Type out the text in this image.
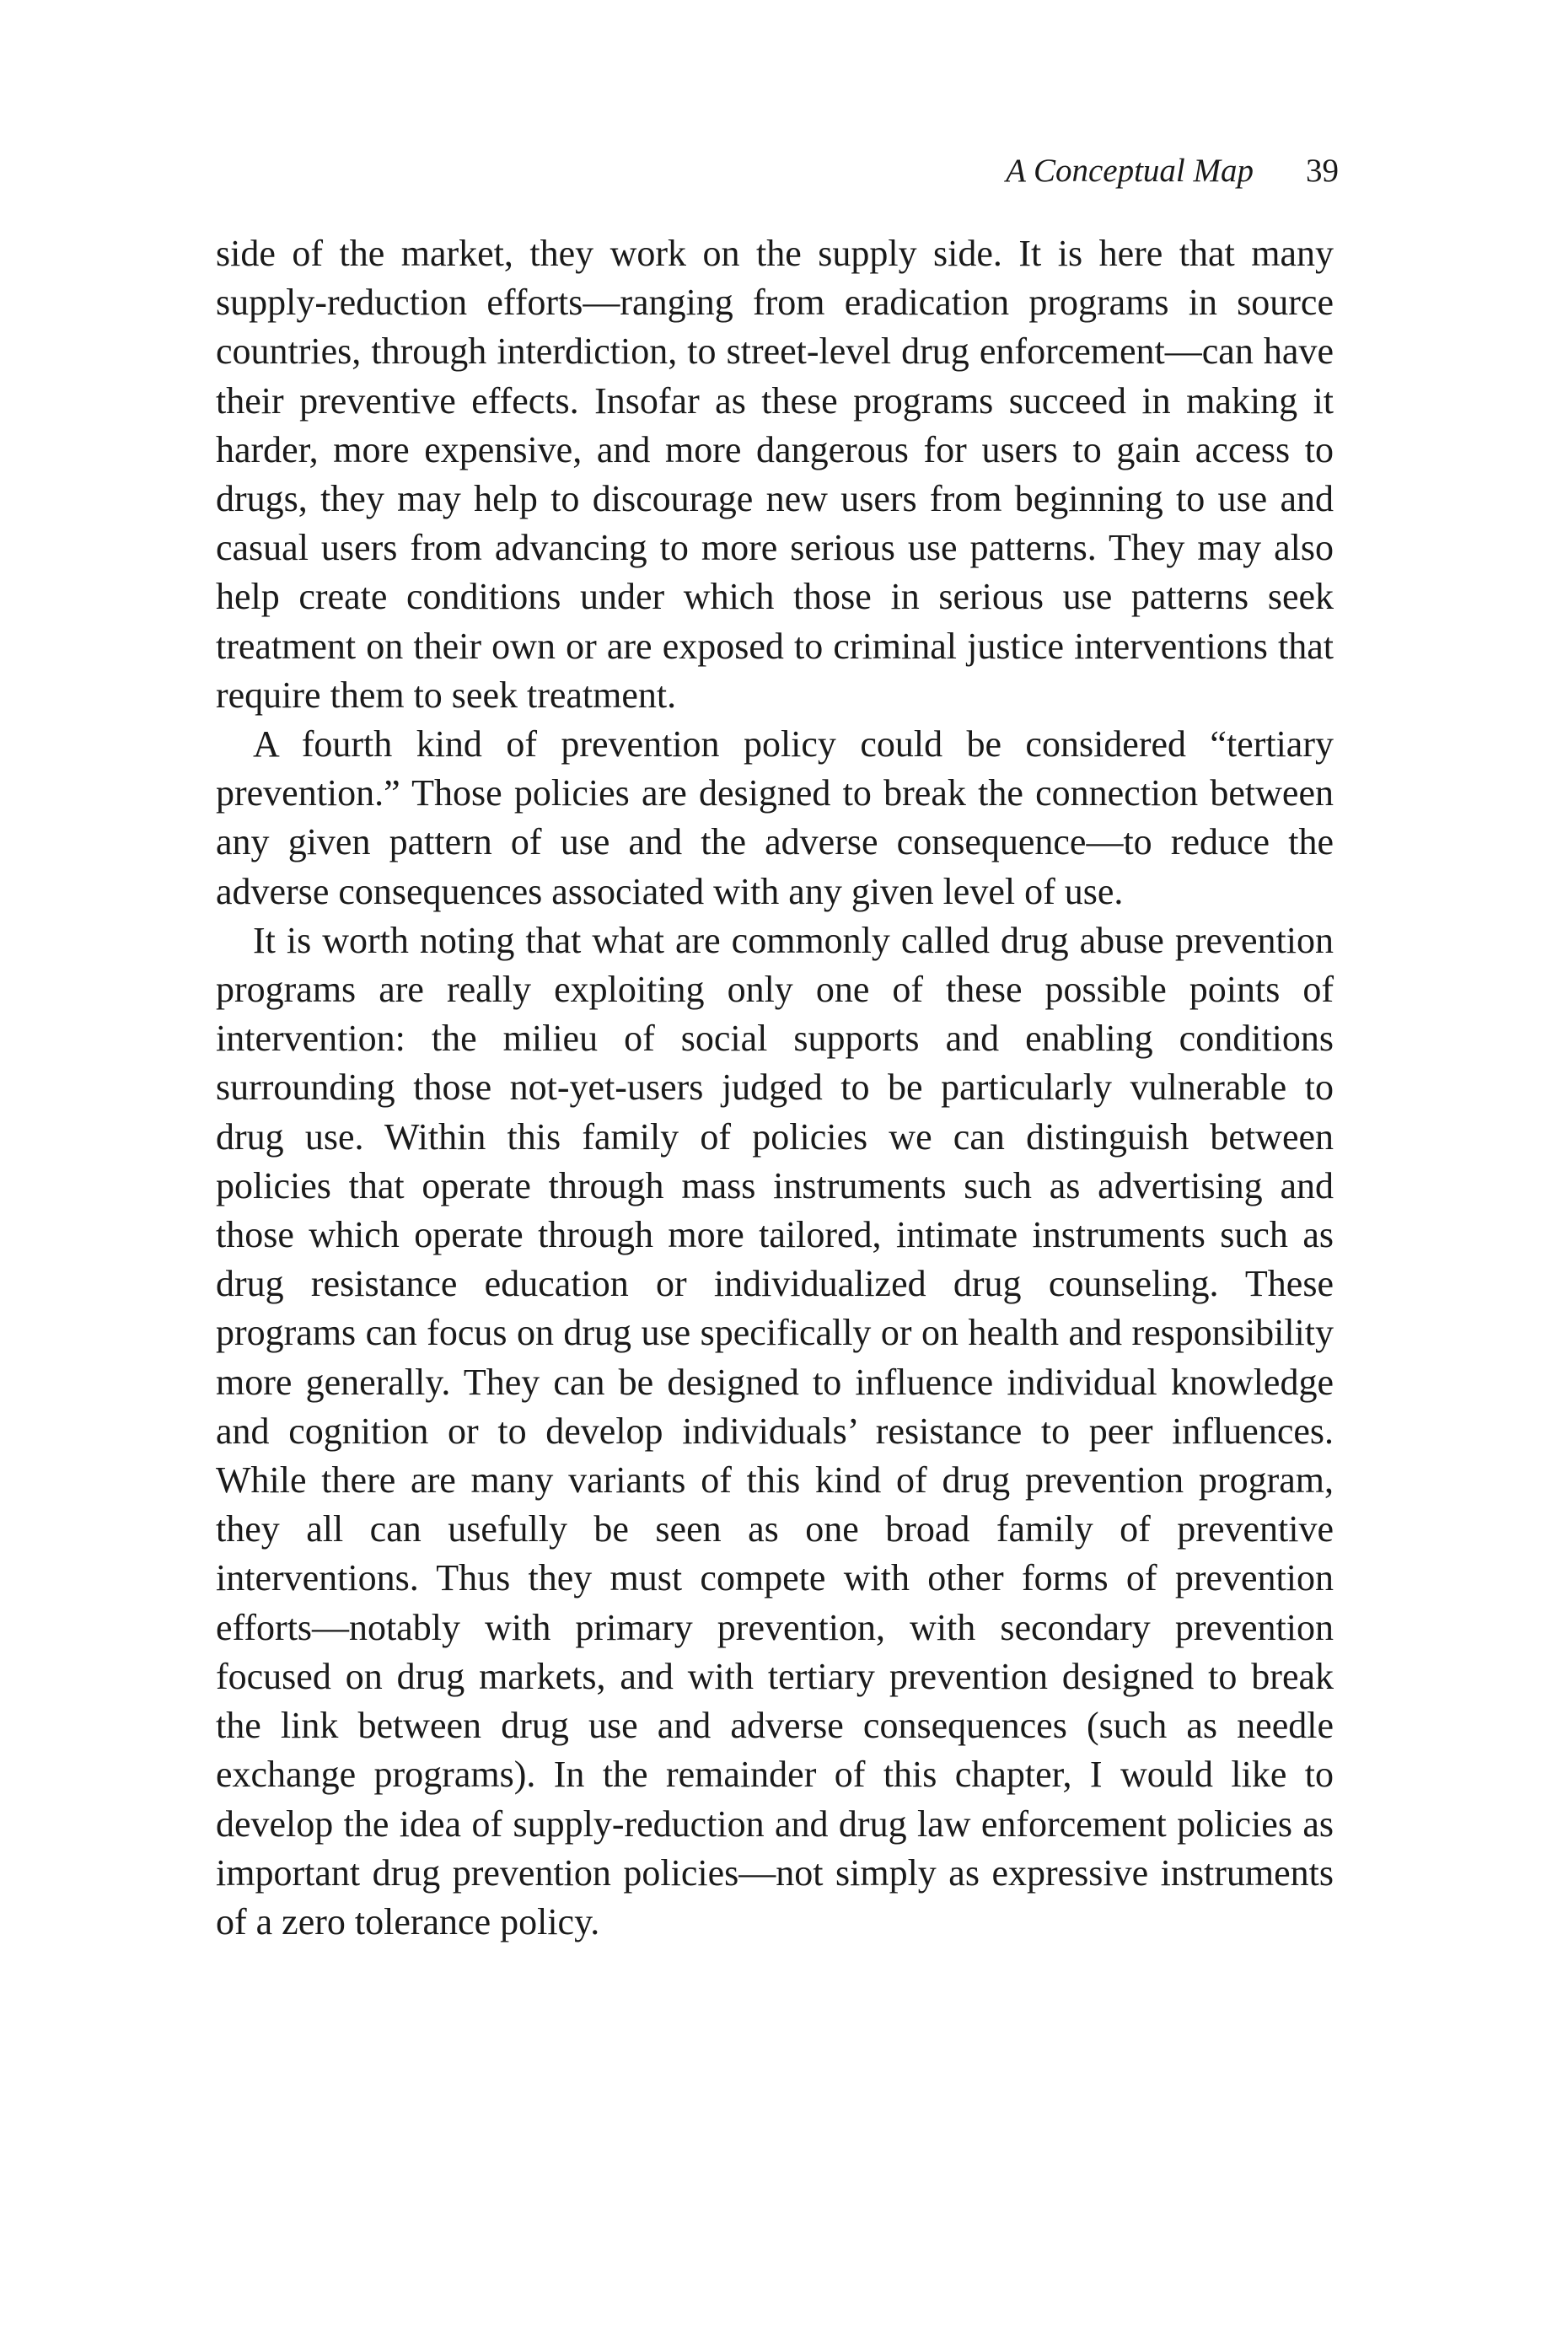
A Conceptual Map 39

side of the market, they work on the supply side. It is here that many supply-reduction efforts—ranging from eradication programs in source countries, through interdiction, to street-level drug enforcement—can have their preventive effects. Insofar as these programs succeed in making it harder, more expensive, and more dangerous for users to gain access to drugs, they may help to discourage new users from beginning to use and casual users from advancing to more serious use patterns. They may also help create conditions under which those in serious use patterns seek treatment on their own or are exposed to criminal justice interventions that require them to seek treatment.

A fourth kind of prevention policy could be considered “tertiary prevention.” Those policies are designed to break the connection between any given pattern of use and the adverse consequence—to reduce the adverse consequences associated with any given level of use.

It is worth noting that what are commonly called drug abuse prevention programs are really exploiting only one of these possible points of intervention: the milieu of social supports and enabling conditions surrounding those not-yet-users judged to be particularly vulnerable to drug use. Within this family of policies we can distinguish between policies that operate through mass instruments such as advertising and those which operate through more tailored, intimate instruments such as drug resistance education or individualized drug counseling. These programs can focus on drug use specifically or on health and responsibility more generally. They can be designed to influence individual knowledge and cognition or to develop individuals’ resistance to peer influences. While there are many variants of this kind of drug prevention program, they all can usefully be seen as one broad family of preventive interventions. Thus they must compete with other forms of prevention efforts—notably with primary prevention, with secondary prevention focused on drug markets, and with tertiary prevention designed to break the link between drug use and adverse consequences (such as needle exchange programs). In the remainder of this chapter, I would like to develop the idea of supply-reduction and drug law enforcement policies as important drug prevention policies—not simply as expressive instruments of a zero tolerance policy.
